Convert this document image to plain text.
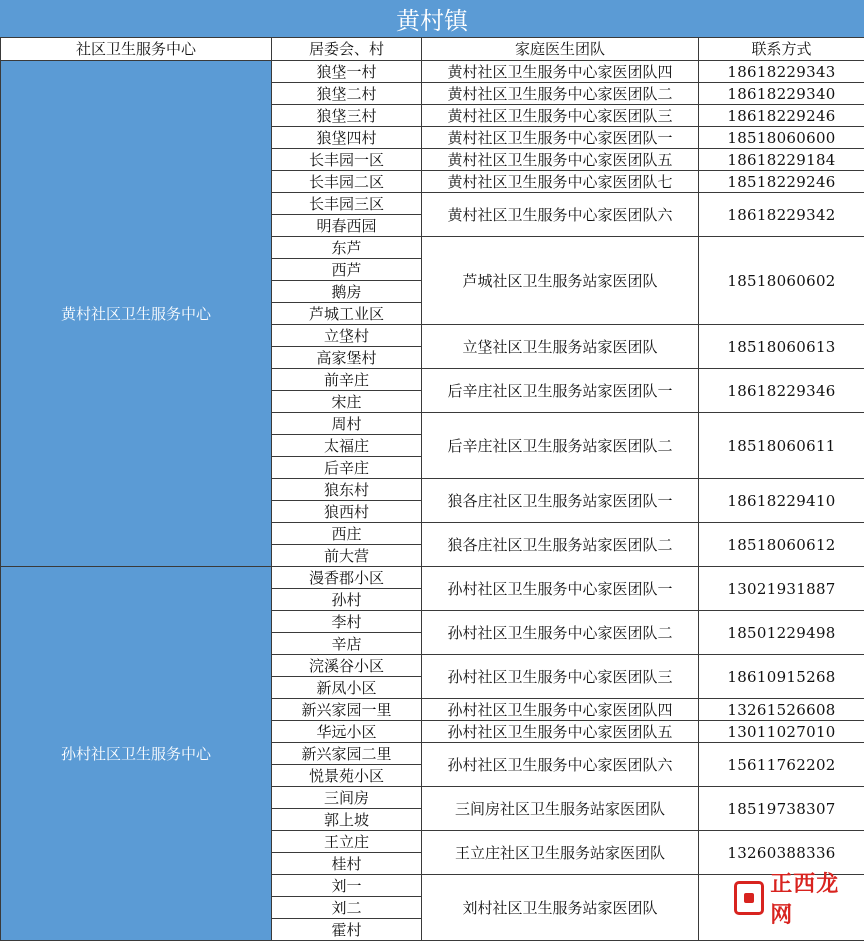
黄村镇
社区卫生服务中心	居委会、村	家庭医生团队	联系方式
黄村社区卫生服务中心	狼垡一村	黄村社区卫生服务中心家医团队四	18618229343
	狼垡二村	黄村社区卫生服务中心家医团队二	18618229340
	狼垡三村	黄村社区卫生服务中心家医团队三	18618229246
	狼垡四村	黄村社区卫生服务中心家医团队一	18518060600
	长丰园一区	黄村社区卫生服务中心家医团队五	18618229184
	长丰园二区	黄村社区卫生服务中心家医团队七	18518229246
	长丰园三区	黄村社区卫生服务中心家医团队六	18618229342
	明春西园		
	东芦	芦城社区卫生服务站家医团队	18518060602
	西芦		
	鹅房		
	芦城工业区		
	立垡村	立垡社区卫生服务站家医团队	18518060613
	高家堡村		
	前辛庄	后辛庄社区卫生服务站家医团队一	18618229346
	宋庄		
	周村	后辛庄社区卫生服务站家医团队二	18518060611
	太福庄		
	后辛庄		
	狼东村	狼各庄社区卫生服务站家医团队一	18618229410
	狼西村		
	西庄	狼各庄社区卫生服务站家医团队二	18518060612
	前大营		
孙村社区卫生服务中心	漫香郡小区	孙村社区卫生服务中心家医团队一	13021931887
	孙村		
	李村	孙村社区卫生服务中心家医团队二	18501229498
	辛店		
	浣溪谷小区	孙村社区卫生服务中心家医团队三	18610915268
	新凤小区		
	新兴家园一里	孙村社区卫生服务中心家医团队四	13261526608
	华远小区	孙村社区卫生服务中心家医团队五	13011027010
	新兴家园二里	孙村社区卫生服务中心家医团队六	15611762202
	悦景苑小区		
	三间房	三间房社区卫生服务站家医团队	18519738307
	郭上坡		
	王立庄	王立庄社区卫生服务站家医团队	13260388336
	桂村		
	刘一	刘村社区卫生服务站家医团队	
	刘二		
	霍村		
正西龙网
